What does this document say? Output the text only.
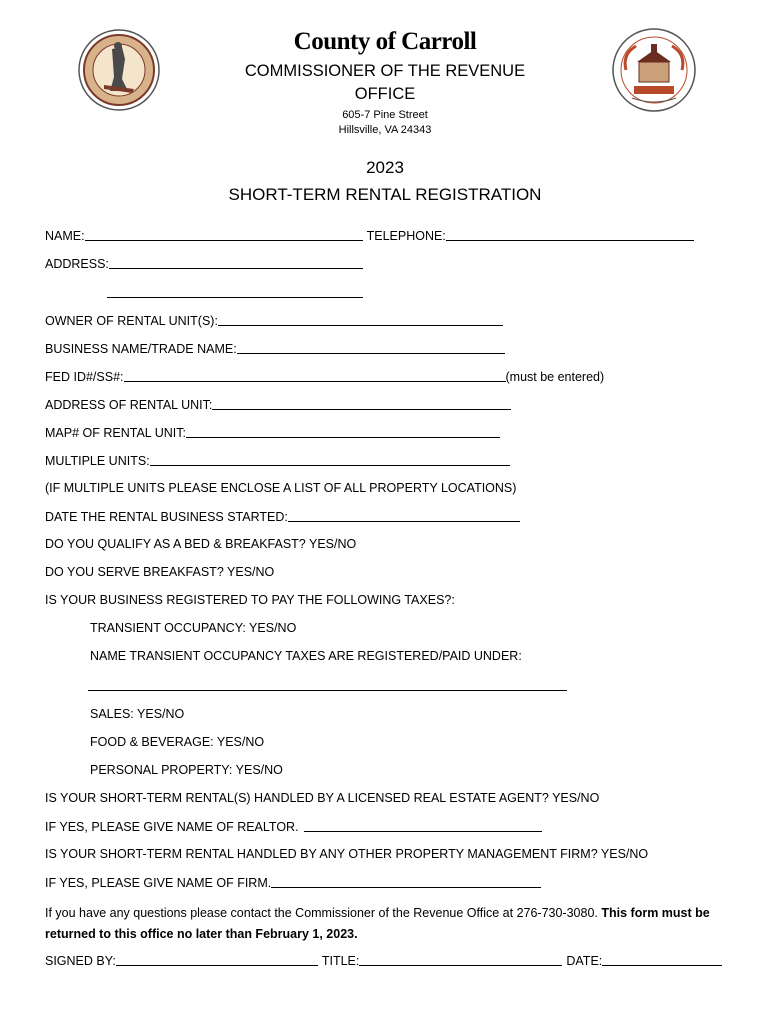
County of Carroll
COMMISSIONER OF THE REVENUE
OFFICE
605-7 Pine Street
Hillsville, VA 24343
2023
SHORT-TERM RENTAL REGISTRATION
NAME:	TELEPHONE:
ADDRESS:
OWNER OF RENTAL UNIT(S):
BUSINESS NAME/TRADE NAME:
FED ID#/SS#:	(must be entered)
ADDRESS OF RENTAL UNIT:
MAP# OF RENTAL UNIT:
MULTIPLE UNITS:
(IF MULTIPLE UNITS PLEASE ENCLOSE A LIST OF ALL PROPERTY LOCATIONS)
DATE THE RENTAL BUSINESS STARTED:
DO YOU QUALIFY AS A BED & BREAKFAST? YES/NO
DO YOU SERVE BREAKFAST? YES/NO
IS YOUR BUSINESS REGISTERED TO PAY THE FOLLOWING TAXES?:
TRANSIENT OCCUPANCY: YES/NO
NAME TRANSIENT OCCUPANCY TAXES ARE REGISTERED/PAID UNDER:
SALES: YES/NO
FOOD & BEVERAGE: YES/NO
PERSONAL PROPERTY: YES/NO
IS YOUR SHORT-TERM RENTAL(S) HANDLED BY A LICENSED REAL ESTATE AGENT? YES/NO
IF YES, PLEASE GIVE NAME OF REALTOR.
IS YOUR SHORT-TERM RENTAL HANDLED BY ANY OTHER PROPERTY MANAGEMENT FIRM? YES/NO
IF YES, PLEASE GIVE NAME OF FIRM.
If you have any questions please contact the Commissioner of the Revenue Office at 276-730-3080. This form must be returned to this office no later than February 1, 2023.
SIGNED BY:	TITLE:	DATE:
